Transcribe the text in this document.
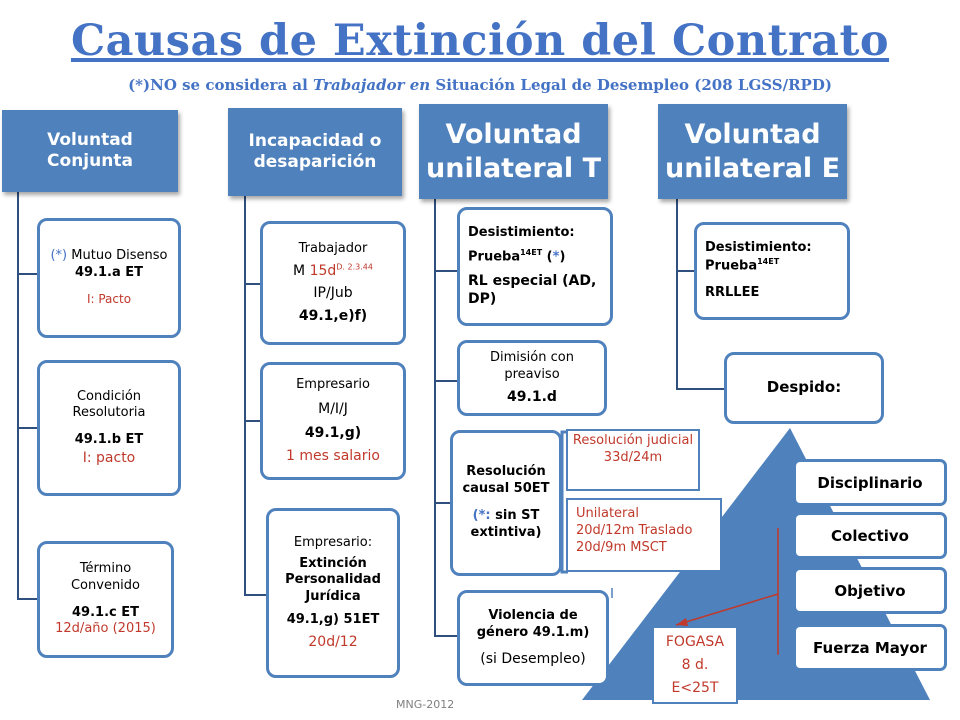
Causas de Extinción del Contrato
(*)NO se considera al Trabajador en Situación Legal de Desempleo (208 LGSS/RPD)
Voluntad Conjunta
Incapacidad o desaparición
Voluntad unilateral T
Voluntad unilateral E
(*) Mutuo Disenso
49.1.a ET
I: Pacto
Condición Resolutoria
49.1.b ET
I: pacto
Término Convenido
49.1.c ET
12d/año (2015)
Trabajador
M $15d^{D. 2.3.44}$
IP/Jub
49.1,e)f)
Empresario
M/I/J
49.1,g)
1 mes salario
Empresario:
Extinción Personalidad Jurídica
49.1,g) 51ET
20d/12
Desistimiento:
Prueba$^{14ET}$ (*)
RL especial (AD, DP)
Dimisión con preaviso
49.1.d
Resolución causal 50ET
(*: sin ST extintiva)
Violencia de género 49.1.m)
(si Desempleo)
Desistimiento:
Prueba$^{14ET}$
RRLLEE
Despido:
Resolución judicial
33d/24m
Unilateral
20d/12m Traslado
20d/9m MSCT
Disciplinario
Colectivo
Objetivo
Fuerza Mayor
FOGASA
8 d.
E<25T
MNG-2012
